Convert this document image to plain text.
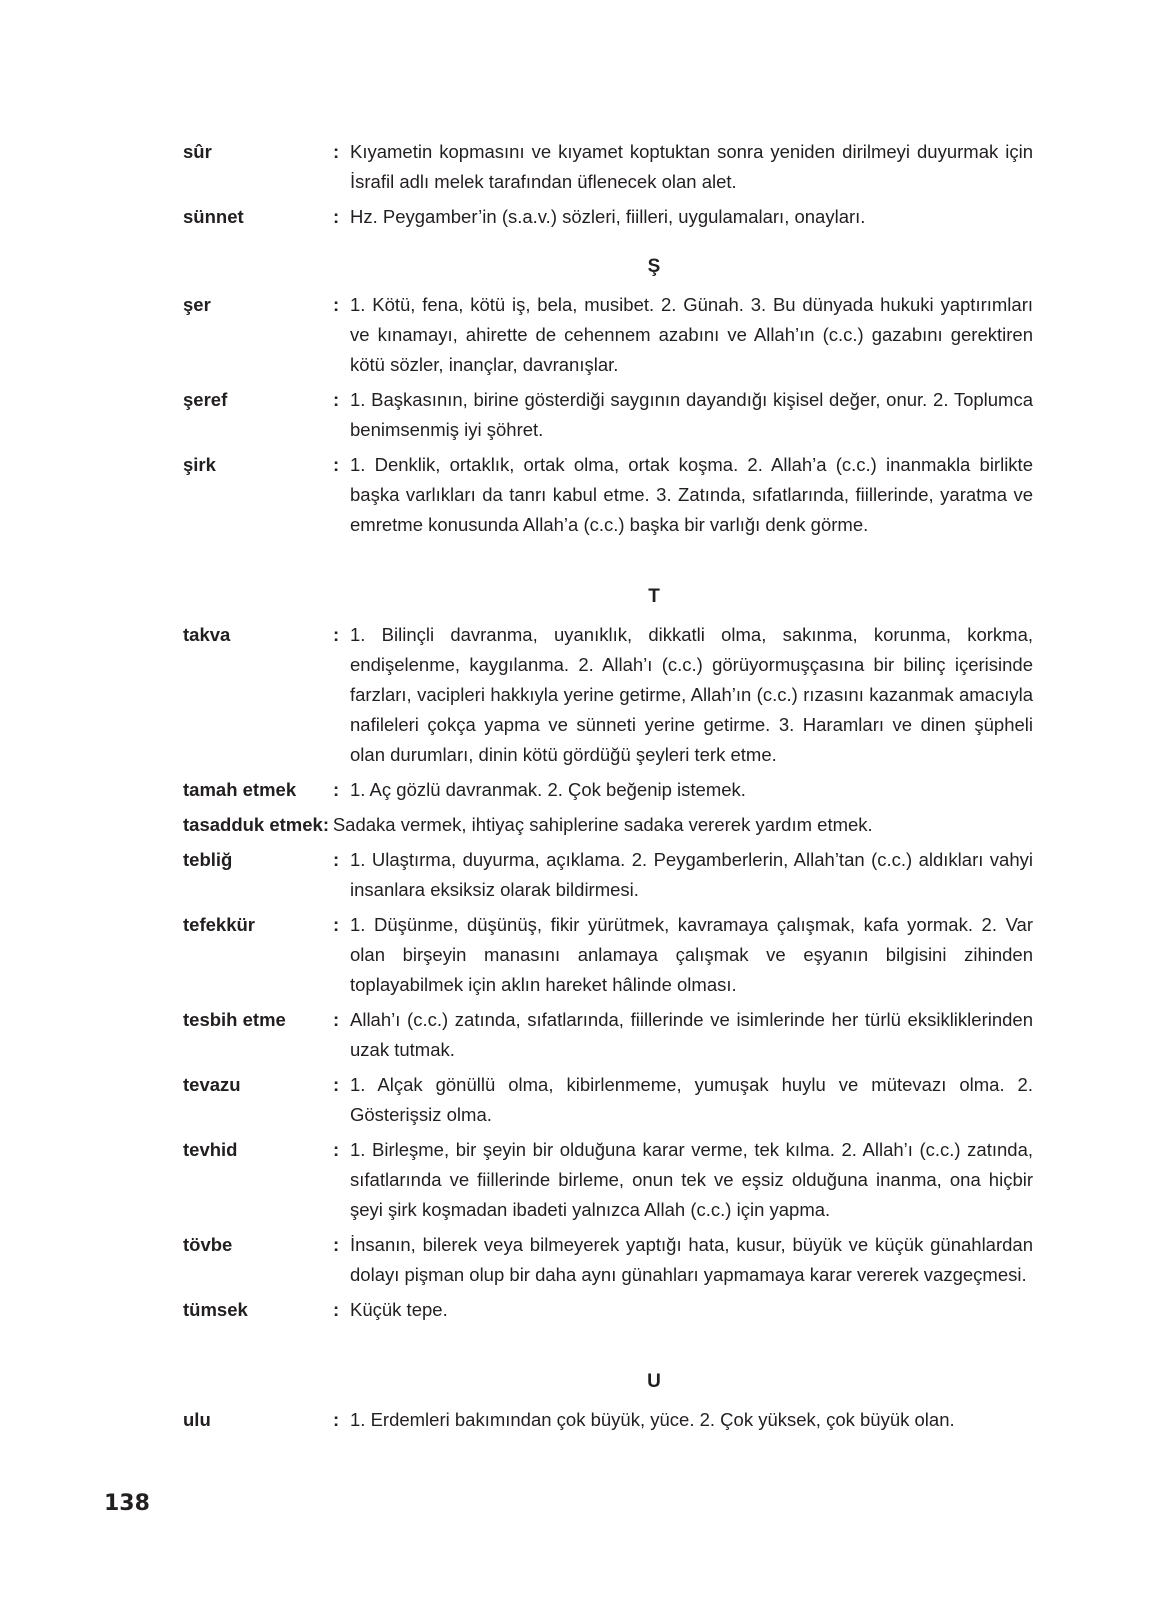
sûr	: Kıyametin kopmasını ve kıyamet koptuktan sonra yeniden dirilmeyi duyurmak için İsrafil adlı melek tarafından üflenecek olan alet.
sünnet	: Hz. Peygamber’in (s.a.v.) sözleri, fiilleri, uygulamaları, onayları.
Ş
şer	: 1. Kötü, fena, kötü iş, bela, musibet. 2. Günah. 3. Bu dünyada hukuki yaptırımları ve kınamayı, ahirette de cehennem azabını ve Allah’ın (c.c.) gazabını gerektiren kötü sözler, inançlar, davranışlar.
şeref	: 1. Başkasının, birine gösterdiği saygının dayandığı kişisel değer, onur. 2. Toplumca benimsenmiş iyi şöhret.
şirk	: 1. Denklik, ortaklık, ortak olma, ortak koşma. 2. Allah’a (c.c.) inanmakla birlikte başka varlıkları da tanrı kabul etme. 3. Zatında, sıfatlarında, fiillerinde, yaratma ve emretme konusunda Allah’a (c.c.) başka bir varlığı denk görme.
T
takva	: 1. Bilinçli davranma, uyanıklık, dikkatli olma, sakınma, korunma, korkma, endişelenme, kaygılanma. 2. Allah’ı (c.c.) görüyormuşçasına bir bilinç içerisinde farzları, vacipleri hakkıyla yerine getirme, Allah’ın (c.c.) rızasını kazanmak amacıyla nafileleri çokça yapma ve sünneti yerine getirme. 3. Haramları ve dinen şüpheli olan durumları, dinin kötü gördüğü şeyleri terk etme.
tamah etmek	: 1. Aç gözlü davranmak. 2. Çok beğenip istemek.
tasadduk etmek : Sadaka vermek, ihtiyaç sahiplerine sadaka vererek yardım etmek.
tebliğ	: 1. Ulaştırma, duyurma, açıklama. 2. Peygamberlerin, Allah’tan (c.c.) aldıkları vahyi insanlara eksiksiz olarak bildirmesi.
tefekkür	: 1. Düşünme, düşünüş, fikir yürütmek, kavramaya çalışmak, kafa yormak. 2. Var olan birşeyin manasını anlamaya çalışmak ve eşyanın bilgisini zihinden toplayabilmek için aklın hareket hâlinde olması.
tesbih etme	: Allah’ı (c.c.) zatında, sıfatlarında, fiillerinde ve isimlerinde her türlü eksikliklerinden uzak tutmak.
tevazu	: 1. Alçak gönüllü olma, kibirlenmeme, yumuşak huylu ve mütevazı olma. 2. Gösterişsiz olma.
tevhid	: 1. Birleşme, bir şeyin bir olduğuna karar verme, tek kılma. 2. Allah’ı (c.c.) zatında, sıfatlarında ve fiillerinde birleme, onun tek ve eşsiz olduğuna inanma, ona hiçbir şeyi şirk koşmadan ibadeti yalnızca Allah (c.c.) için yapma.
tövbe	: İnsanın, bilerek veya bilmeyerek yaptığı hata, kusur, büyük ve küçük günahlardan dolayı pişman olup bir daha aynı günahları yapmamaya karar vererek vazgeçmesi.
tümsek	: Küçük tepe.
U
ulu	: 1. Erdemleri bakımından çok büyük, yüce. 2. Çok yüksek, çok büyük olan.
138
